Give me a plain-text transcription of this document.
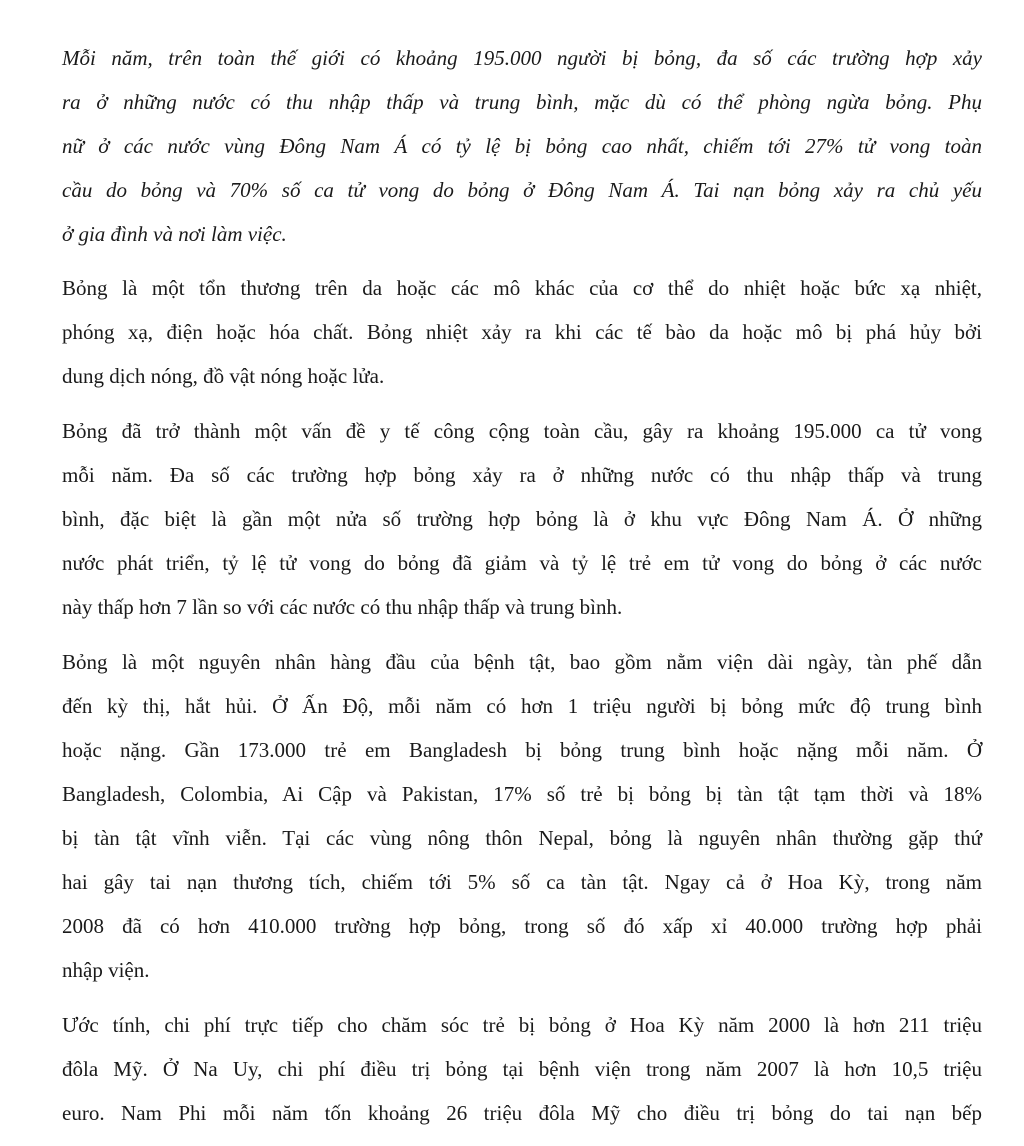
Mỗi năm, trên toàn thế giới có khoảng 195.000 người bị bỏng, đa số các trường hợp xảy
ra ở những nước có thu nhập thấp và trung bình, mặc dù có thể phòng ngừa bỏng. Phụ
nữ ở các nước vùng Đông Nam Á có tỷ lệ bị bỏng cao nhất, chiếm tới 27% tử vong toàn
cầu do bỏng và 70% số ca tử vong do bỏng ở Đông Nam Á. Tai nạn bỏng xảy ra chủ yếu
ở gia đình và nơi làm việc.

Bỏng là một tổn thương trên da hoặc các mô khác của cơ thể do nhiệt hoặc bức xạ nhiệt,
phóng xạ, điện hoặc hóa chất. Bỏng nhiệt xảy ra khi các tế bào da hoặc mô bị phá hủy bởi
dung dịch nóng, đồ vật nóng hoặc lửa.

Bỏng đã trở thành một vấn đề y tế công cộng toàn cầu, gây ra khoảng 195.000 ca tử vong
mỗi năm. Đa số các trường hợp bỏng xảy ra ở những nước có thu nhập thấp và trung
bình, đặc biệt là gần một nửa số trường hợp bỏng là ở khu vực Đông Nam Á. Ở những
nước phát triển, tỷ lệ tử vong do bỏng đã giảm và tỷ lệ trẻ em tử vong do bỏng ở các nước
này thấp hơn 7 lần so với các nước có thu nhập thấp và trung bình.

Bỏng là một nguyên nhân hàng đầu của bệnh tật, bao gồm nằm viện dài ngày, tàn phế dẫn
đến kỳ thị, hắt hủi. Ở Ấn Độ, mỗi năm có hơn 1 triệu người bị bỏng mức độ trung bình
hoặc nặng. Gần 173.000 trẻ em Bangladesh bị bỏng trung bình hoặc nặng mỗi năm. Ở
Bangladesh, Colombia, Ai Cập và Pakistan, 17% số trẻ bị bỏng bị tàn tật tạm thời và 18%
bị tàn tật vĩnh viễn. Tại các vùng nông thôn Nepal, bỏng là nguyên nhân thường gặp thứ
hai gây tai nạn thương tích, chiếm tới 5% số ca tàn tật. Ngay cả ở Hoa Kỳ, trong năm
2008 đã có hơn 410.000 trường hợp bỏng, trong số đó xấp xỉ 40.000 trường hợp phải
nhập viện.

Ước tính, chi phí trực tiếp cho chăm sóc trẻ bị bỏng ở Hoa Kỳ năm 2000 là hơn 211 triệu
đôla Mỹ. Ở Na Uy, chi phí điều trị bỏng tại bệnh viện trong năm 2007 là hơn 10,5 triệu
euro. Nam Phi mỗi năm tốn khoảng 26 triệu đôla Mỹ cho điều trị bỏng do tai nạn bếp
